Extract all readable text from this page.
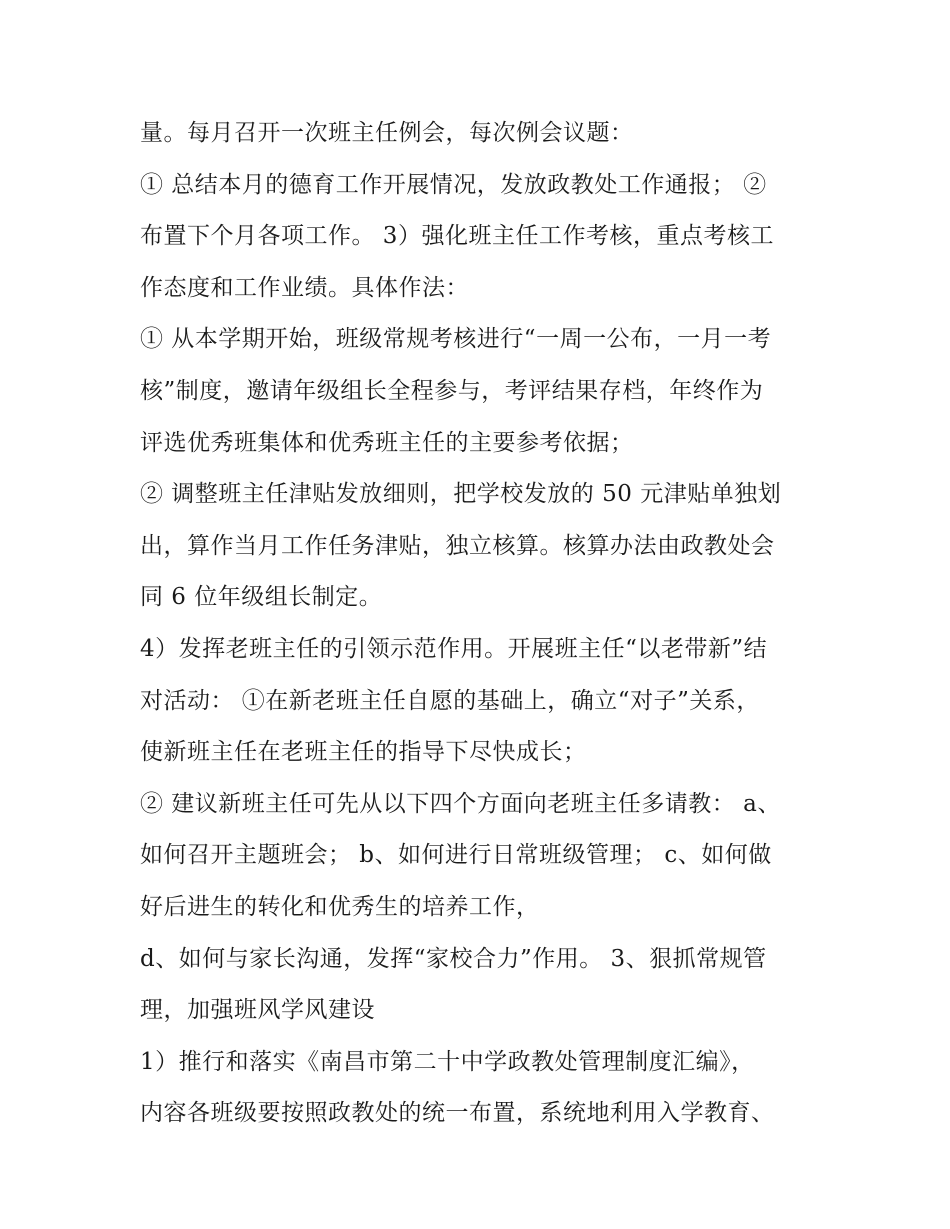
量。每月召开一次班主任例会，每次例会议题：
① 总结本月的德育工作开展情况，发放政教处工作通报； ②
布置下个月各项工作。 3）强化班主任工作考核，重点考核工
作态度和工作业绩。具体作法：
① 从本学期开始，班级常规考核进行“一周一公布，一月一考
核”制度，邀请年级组长全程参与，考评结果存档，年终作为
评选优秀班集体和优秀班主任的主要参考依据；
② 调整班主任津贴发放细则，把学校发放的 50 元津贴单独划
出，算作当月工作任务津贴，独立核算。核算办法由政教处会
同 6 位年级组长制定。
4）发挥老班主任的引领示范作用。开展班主任“以老带新”结
对活动： ①在新老班主任自愿的基础上，确立“对子”关系，
使新班主任在老班主任的指导下尽快成长；
② 建议新班主任可先从以下四个方面向老班主任多请教： a、
如何召开主题班会； b、如何进行日常班级管理； c、如何做
好后进生的转化和优秀生的培养工作，
d、如何与家长沟通，发挥“家校合力”作用。 3、狠抓常规管
理，加强班风学风建设
1）推行和落实《南昌市第二十中学政教处管理制度汇编》，
内容各班级要按照政教处的统一布置，系统地利用入学教育、
